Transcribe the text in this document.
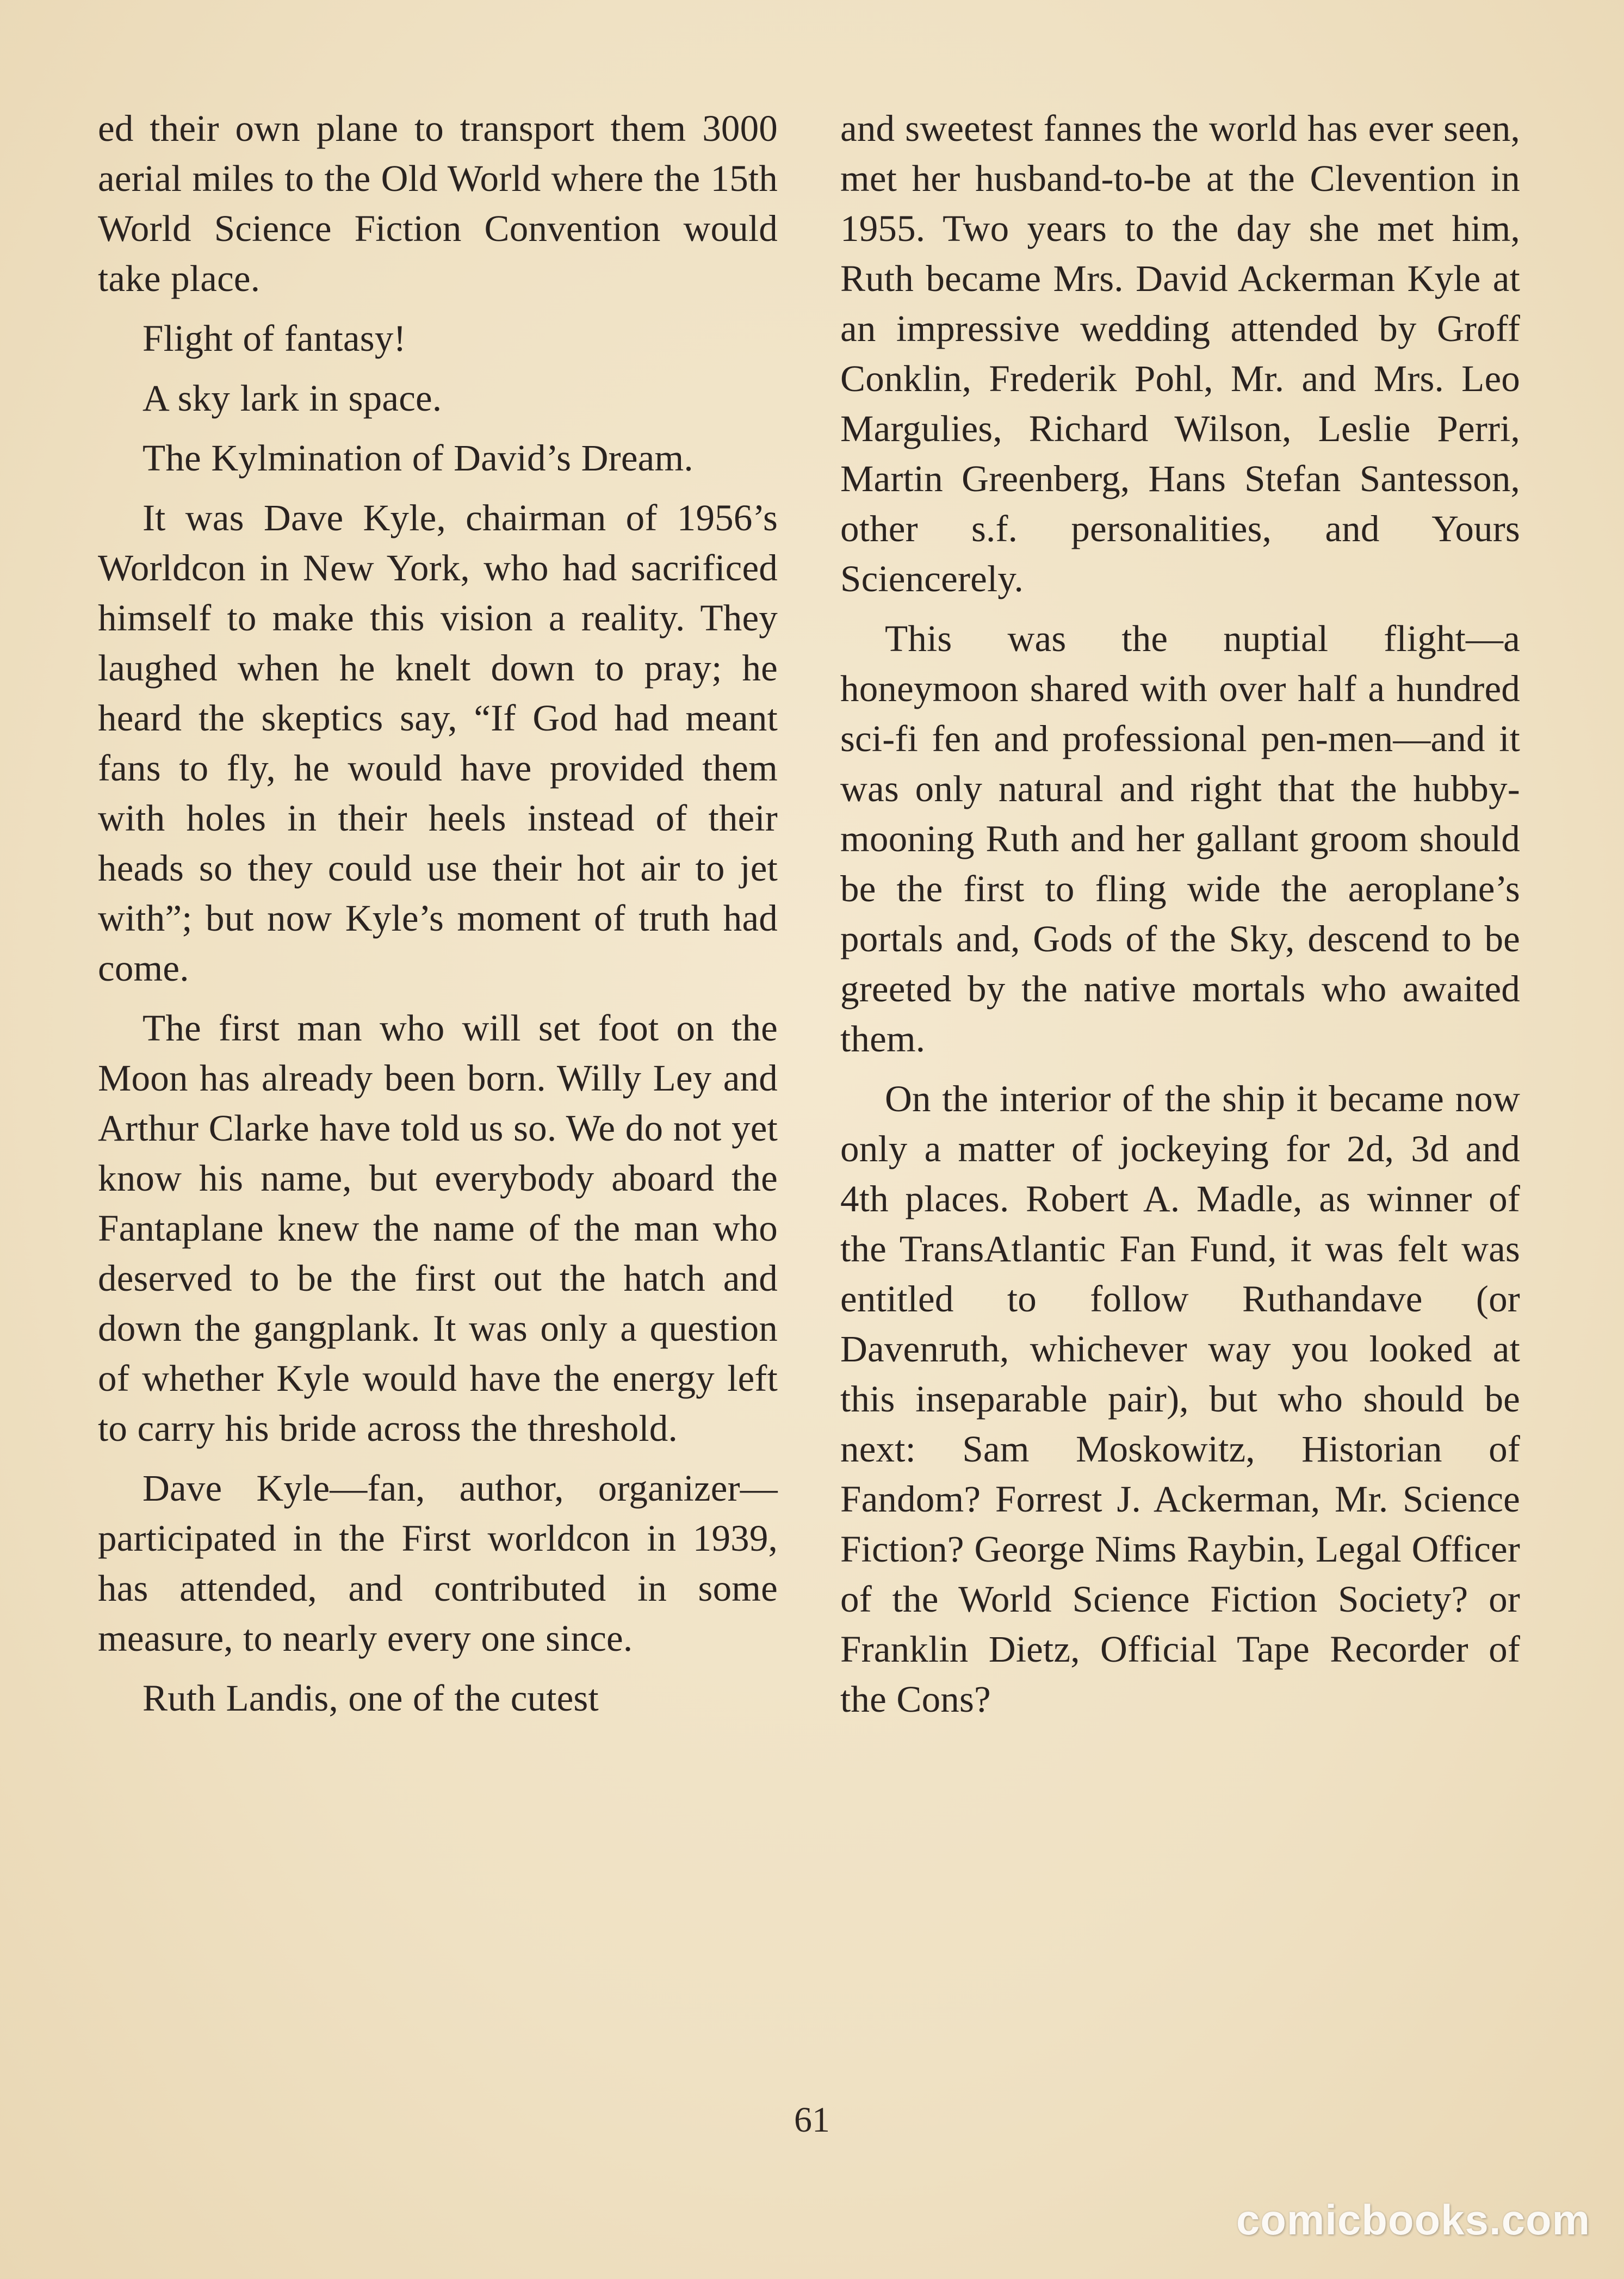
ed their own plane to transport them 3000 aerial miles to the Old World where the 15th World Science Fiction Convention would take place.

Flight of fantasy!

A sky lark in space.

The Kylmination of David’s Dream.

It was Dave Kyle, chairman of 1956’s Worldcon in New York, who had sacrificed himself to make this vision a reality. They laughed when he knelt down to pray; he heard the skeptics say, “If God had meant fans to fly, he would have provided them with holes in their heels instead of their heads so they could use their hot air to jet with”; but now Kyle’s moment of truth had come.

The first man who will set foot on the Moon has already been born. Willy Ley and Arthur Clarke have told us so. We do not yet know his name, but everybody aboard the Fantaplane knew the name of the man who deserved to be the first out the hatch and down the gangplank. It was only a question of whether Kyle would have the energy left to carry his bride across the threshold.

Dave Kyle—fan, author, organizer—participated in the First worldcon in 1939, has attended, and contributed in some measure, to nearly every one since.

Ruth Landis, one of the cutest

and sweetest fannes the world has ever seen, met her husband-to-be at the Clevention in 1955. Two years to the day she met him, Ruth became Mrs. David Ackerman Kyle at an impressive wedding attended by Groff Conklin, Frederik Pohl, Mr. and Mrs. Leo Margulies, Richard Wilson, Leslie Perri, Martin Greenberg, Hans Stefan Santesson, other s.f. personalities, and Yours Sciencerely.

This was the nuptial flight—a honeymoon shared with over half a hundred sci-fi fen and professional pen-men—and it was only natural and right that the hubby-mooning Ruth and her gallant groom should be the first to fling wide the aeroplane’s portals and, Gods of the Sky, descend to be greeted by the native mortals who awaited them.

On the interior of the ship it became now only a matter of jockeying for 2d, 3d and 4th places. Robert A. Madle, as winner of the TransAtlantic Fan Fund, it was felt was entitled to follow Ruthandave (or Davenruth, whichever way you looked at this inseparable pair), but who should be next: Sam Moskowitz, Historian of Fandom? Forrest J. Ackerman, Mr. Science Fiction? George Nims Raybin, Legal Officer of the World Science Fiction Society? or Franklin Dietz, Official Tape Recorder of the Cons?

61
comicbooks.com
